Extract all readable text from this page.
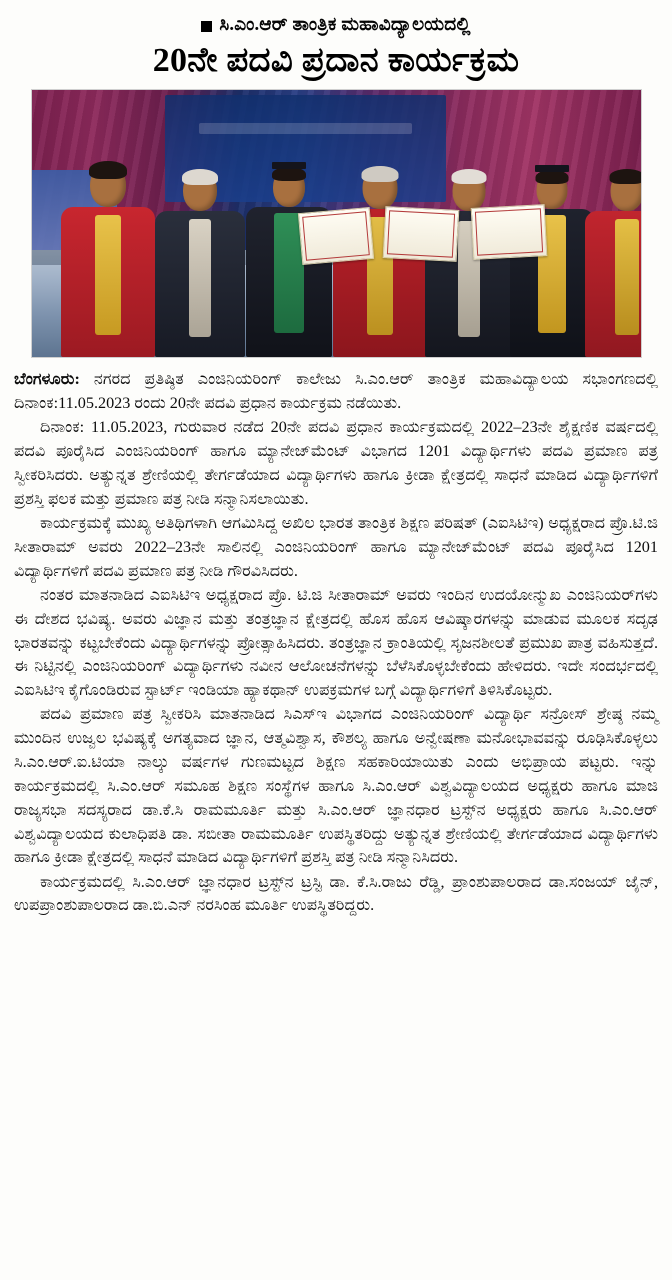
ಸಿ.ಎಂ.ಆರ್ ತಾಂತ್ರಿಕ ಮಹಾವಿದ್ಯಾಲಯದಲ್ಲಿ
20ನೇ ಪದವಿ ಪ್ರದಾನ ಕಾರ್ಯಕ್ರಮ

ಬೆಂಗಳೂರು: ನಗರದ ಪ್ರತಿಷ್ಠಿತ ಎಂಜಿನಿಯರಿಂಗ್ ಕಾಲೇಜು ಸಿ.ಎಂ.ಆರ್ ತಾಂತ್ರಿಕ ಮಹಾವಿದ್ಯಾಲಯ ಸಭಾಂಗಣದಲ್ಲಿ ದಿನಾಂಕ:11.05.2023 ರಂದು 20ನೇ ಪದವಿ ಪ್ರಧಾನ ಕಾರ್ಯಕ್ರಮ ನಡೆಯಿತು.

ದಿನಾಂಕ: 11.05.2023, ಗುರುವಾರ ನಡೆದ 20ನೇ ಪದವಿ ಪ್ರಧಾನ ಕಾರ್ಯಕ್ರಮದಲ್ಲಿ 2022–23ನೇ ಶೈಕ್ಷಣಿಕ ವರ್ಷದಲ್ಲಿ ಪದವಿ ಪೂರೈಸಿದ ಎಂಜಿನಿಯರಿಂಗ್ ಹಾಗೂ ಮ್ಯಾನೇಜ್‌ಮೆಂಟ್ ವಿಭಾಗದ 1201 ವಿದ್ಯಾರ್ಥಿಗಳು ಪದವಿ ಪ್ರಮಾಣ ಪತ್ರ ಸ್ವೀಕರಿಸಿದರು. ಅತ್ಯುನ್ನತ ಶ್ರೇಣಿಯಲ್ಲಿ ತೇರ್ಗಡೆಯಾದ ವಿದ್ಯಾರ್ಥಿಗಳು ಹಾಗೂ ಕ್ರೀಡಾ ಕ್ಷೇತ್ರದಲ್ಲಿ ಸಾಧನೆ ಮಾಡಿದ ವಿದ್ಯಾರ್ಥಿಗಳಿಗೆ ಪ್ರಶಸ್ತಿ ಫಲಕ ಮತ್ತು ಪ್ರಮಾಣ ಪತ್ರ ನೀಡಿ ಸನ್ಮಾನಿಸಲಾಯಿತು.

ಕಾರ್ಯಕ್ರಮಕ್ಕೆ ಮುಖ್ಯ ಅತಿಥಿಗಳಾಗಿ ಆಗಮಿಸಿದ್ದ ಅಖಿಲ ಭಾರತ ತಾಂತ್ರಿಕ ಶಿಕ್ಷಣ ಪರಿಷತ್ (ಎಐಸಿಟಿಇ) ಅಧ್ಯಕ್ಷರಾದ ಪ್ರೊ.ಟಿ.ಜಿ ಸೀತಾರಾಮ್ ಅವರು 2022–23ನೇ ಸಾಲಿನಲ್ಲಿ ಎಂಜಿನಿಯರಿಂಗ್ ಹಾಗೂ ಮ್ಯಾನೇಜ್‌ಮೆಂಟ್ ಪದವಿ ಪೂರೈಸಿದ 1201 ವಿದ್ಯಾರ್ಥಿಗಳಿಗೆ ಪದವಿ ಪ್ರಮಾಣ ಪತ್ರ ನೀಡಿ ಗೌರವಿಸಿದರು.

ನಂತರ ಮಾತನಾಡಿದ ಎಐಸಿಟಿಇ ಅಧ್ಯಕ್ಷರಾದ ಪ್ರೊ. ಟಿ.ಜಿ ಸೀತಾರಾಮ್ ಅವರು ಇಂದಿನ ಉದಯೋನ್ಮುಖ ಎಂಜಿನಿಯರ್‌ಗಳು ಈ ದೇಶದ ಭವಿಷ್ಯ. ಅವರು ವಿಜ್ಞಾನ ಮತ್ತು ತಂತ್ರಜ್ಞಾನ ಕ್ಷೇತ್ರದಲ್ಲಿ ಹೊಸ ಹೊಸ ಆವಿಷ್ಕಾರಗಳನ್ನು ಮಾಡುವ ಮೂಲಕ ಸದೃಢ ಭಾರತವನ್ನು ಕಟ್ಟಬೇಕೆಂದು ವಿದ್ಯಾರ್ಥಿಗಳನ್ನು ಪ್ರೋತ್ಸಾಹಿಸಿದರು. ತಂತ್ರಜ್ಞಾನ ಕ್ರಾಂತಿಯಲ್ಲಿ ಸೃಜನಶೀಲತೆ ಪ್ರಮುಖ ಪಾತ್ರ ವಹಿಸುತ್ತದೆ. ಈ ನಿಟ್ಟಿನಲ್ಲಿ ಎಂಜಿನಿಯರಿಂಗ್ ವಿದ್ಯಾರ್ಥಿಗಳು ನವೀನ ಆಲೋಚನೆಗಳನ್ನು ಬೆಳೆಸಿಕೊಳ್ಳಬೇಕೆಂದು ಹೇಳಿದರು. ಇದೇ ಸಂದರ್ಭದಲ್ಲಿ ಎಐಸಿಟಿಇ ಕೈಗೊಂಡಿರುವ ಸ್ಟಾರ್ಟ್ ಇಂಡಿಯಾ ಹ್ಯಾಕಥಾನ್ ಉಪಕ್ರಮಗಳ ಬಗ್ಗೆ ವಿದ್ಯಾರ್ಥಿಗಳಿಗೆ ತಿಳಿಸಿಕೊಟ್ಟರು.

ಪದವಿ ಪ್ರಮಾಣ ಪತ್ರ ಸ್ವೀಕರಿಸಿ ಮಾತನಾಡಿದ ಸಿಎಸ್‌ಇ ವಿಭಾಗದ ಎಂಜಿನಿಯರಿಂಗ್ ವಿದ್ಯಾರ್ಥಿ ಸನ್ರೋಸ್ ಶ್ರೇಷ್ಠ ನಮ್ಮ ಮುಂದಿನ ಉಜ್ವಲ ಭವಿಷ್ಯಕ್ಕೆ ಅಗತ್ಯವಾದ ಜ್ಞಾನ, ಆತ್ಮವಿಶ್ವಾಸ, ಕೌಶಲ್ಯ ಹಾಗೂ ಅನ್ವೇಷಣಾ ಮನೋಭಾವವನ್ನು ರೂಢಿಸಿಕೊಳ್ಳಲು ಸಿ.ಎಂ.ಆರ್.ಐ.ಟಿಯಾ ನಾಲ್ಕು ವರ್ಷಗಳ ಗುಣಮಟ್ಟದ ಶಿಕ್ಷಣ ಸಹಕಾರಿಯಾಯಿತು ಎಂದು ಅಭಿಪ್ರಾಯ ಪಟ್ಟರು. ಇನ್ನು ಕಾರ್ಯಕ್ರಮದಲ್ಲಿ ಸಿ.ಎಂ.ಆರ್ ಸಮೂಹ ಶಿಕ್ಷಣ ಸಂಸ್ಥೆಗಳ ಹಾಗೂ ಸಿ.ಎಂ.ಆರ್ ವಿಶ್ವವಿದ್ಯಾಲಯದ ಅಧ್ಯಕ್ಷರು ಹಾಗೂ ಮಾಜಿ ರಾಜ್ಯಸಭಾ ಸದಸ್ಯರಾದ ಡಾ.ಕೆ.ಸಿ ರಾಮಮೂರ್ತಿ ಮತ್ತು ಸಿ.ಎಂ.ಆರ್ ಜ್ಞಾನಧಾರ ಟ್ರಸ್ಟ್‌ನ ಅಧ್ಯಕ್ಷರು ಹಾಗೂ ಸಿ.ಎಂ.ಆರ್ ವಿಶ್ವವಿದ್ಯಾಲಯದ ಕುಲಾಧಿಪತಿ ಡಾ. ಸಬೀತಾ ರಾಮಮೂರ್ತಿ ಉಪಸ್ಥಿತರಿದ್ದು ಅತ್ಯುನ್ನತ ಶ್ರೇಣಿಯಲ್ಲಿ ತೇರ್ಗಡೆಯಾದ ವಿದ್ಯಾರ್ಥಿಗಳು ಹಾಗೂ ಕ್ರೀಡಾ ಕ್ಷೇತ್ರದಲ್ಲಿ ಸಾಧನೆ ಮಾಡಿದ ವಿದ್ಯಾರ್ಥಿಗಳಿಗೆ ಪ್ರಶಸ್ತಿ ಪತ್ರ ನೀಡಿ ಸನ್ಮಾನಿಸಿದರು.

ಕಾರ್ಯಕ್ರಮದಲ್ಲಿ ಸಿ.ಎಂ.ಆರ್ ಜ್ಞಾನಧಾರ ಟ್ರಸ್ಟ್‌ನ ಟ್ರಸ್ಟಿ ಡಾ. ಕೆ.ಸಿ.ರಾಜು ರೆಡ್ಡಿ, ಪ್ರಾಂಶುಪಾಲರಾದ ಡಾ.ಸಂಜಯ್ ಜೈನ್, ಉಪಪ್ರಾಂಶುಪಾಲರಾದ ಡಾ.ಬಿ.ಎನ್ ನರಸಿಂಹ ಮೂರ್ತಿ ಉಪಸ್ಥಿತರಿದ್ದರು.
